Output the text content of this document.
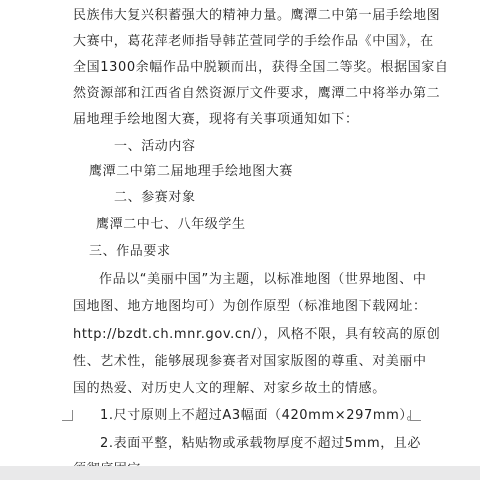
民族伟大复兴积蓄强大的精神力量。鹰潭二中第一届手绘地图

大赛中，葛花萍老师指导韩芷萱同学的手绘作品《中国》，在

全国1300余幅作品中脱颖而出，获得全国二等奖。根据国家自

然资源部和江西省自然资源厅文件要求，鹰潭二中将举办第二

届地理手绘地图大赛，现将有关事项通知如下：

一、活动内容

鹰潭二中第二届地理手绘地图大赛

二、参赛对象

鹰潭二中七、八年级学生

三、作品要求

作品以“美丽中国”为主题，以标准地图（世界地图、中

国地图、地方地图均可）为创作原型（标准地图下载网址：

http://bzdt.ch.mnr.gov.cn/），风格不限，具有较高的原创

性、艺术性，能够展现参赛者对国家版图的尊重、对美丽中

国的热爱、对历史人文的理解、对家乡故土的情感。

1.尺寸原则上不超过A3幅面（420mm×297mm）。

2.表面平整，粘贴物或承载物厚度不超过5mm，且必
